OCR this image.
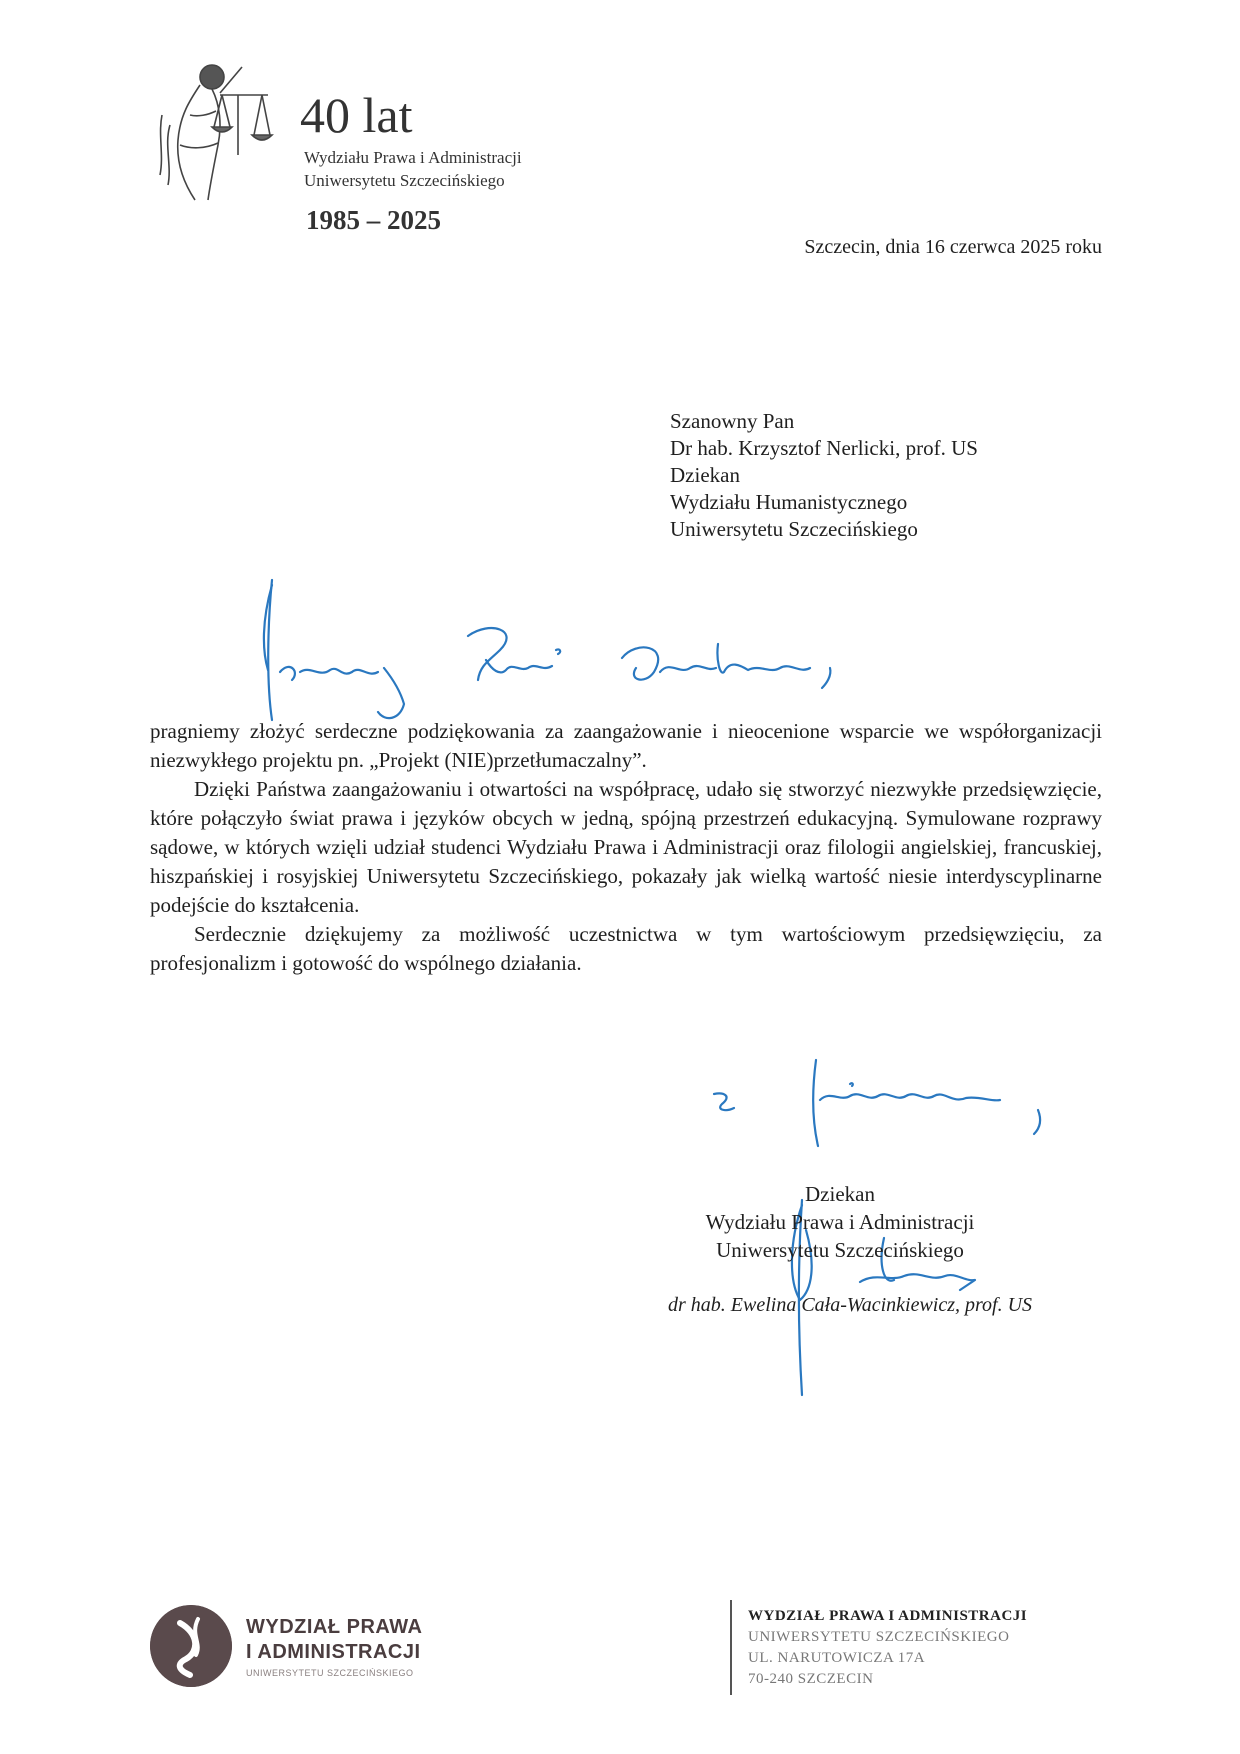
40 lat
Wydziału Prawa i Administracji
Uniwersytetu Szczecińskiego
1985 – 2025
Szczecin, dnia 16 czerwca 2025 roku
Szanowny Pan
Dr hab. Krzysztof Nerlicki, prof. US
Dziekan
Wydziału Humanistycznego
Uniwersytetu Szczecińskiego

pragniemy złożyć serdeczne podziękowania za zaangażowanie i nieocenione wsparcie we współorganizacji niezwykłego projektu pn. „Projekt (NIE)przetłumaczalny”.

Dzięki Państwa zaangażowaniu i otwartości na współpracę, udało się stworzyć niezwykłe przedsięwzięcie, które połączyło świat prawa i języków obcych w jedną, spójną przestrzeń edukacyjną. Symulowane rozprawy sądowe, w których wzięli udział studenci Wydziału Prawa i Administracji oraz filologii angielskiej, francuskiej, hiszpańskiej i rosyjskiej Uniwersytetu Szczecińskiego, pokazały jak wielką wartość niesie interdyscyplinarne podejście do kształcenia.

Serdecznie dziękujemy za możliwość uczestnictwa w tym wartościowym przedsięwzięciu, za profesjonalizm i gotowość do wspólnego działania.

Dziekan
Wydziału Prawa i Administracji
Uniwersytetu Szczecińskiego
dr hab. Ewelina Cała-Wacinkiewicz, prof. US
WYDZIAŁ PRAWA
I ADMINISTRACJI
UNIWERSYTETU SZCZECIŃSKIEGO
WYDZIAŁ PRAWA I ADMINISTRACJI
UNIWERSYTETU SZCZECIŃSKIEGO
UL. NARUTOWICZA 17A
70-240 SZCZECIN
